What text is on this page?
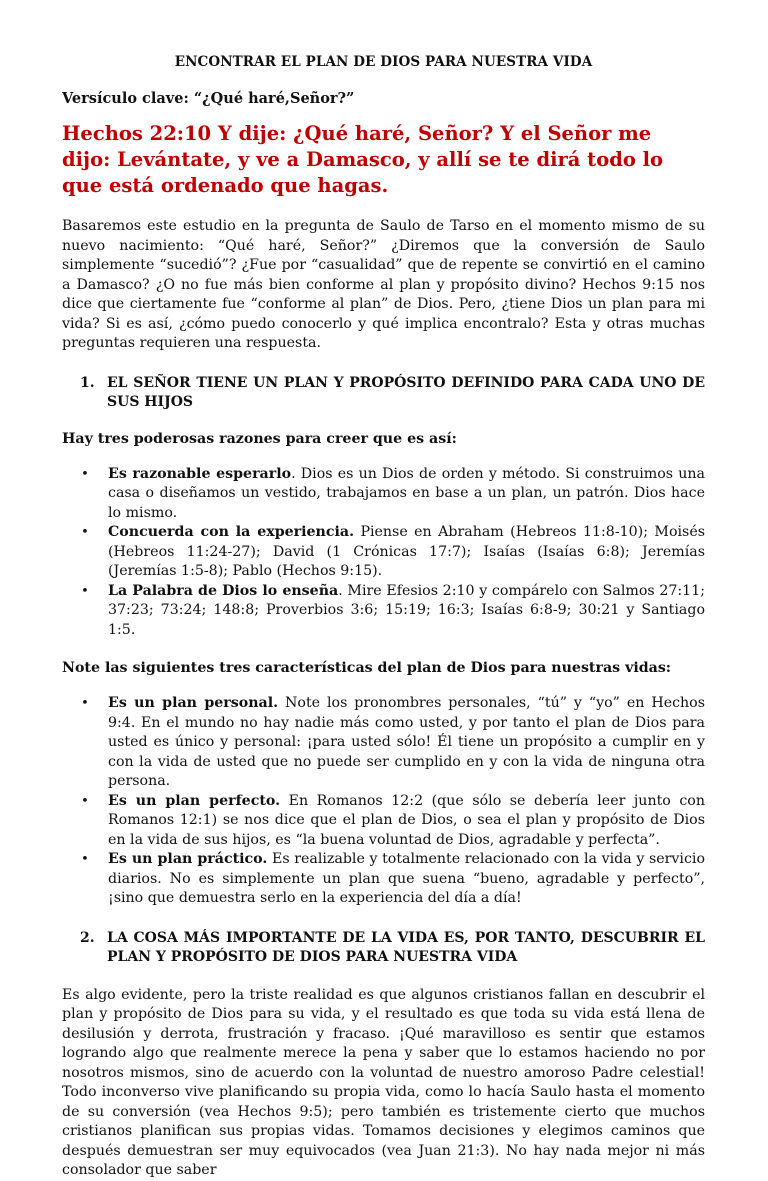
ENCONTRAR EL PLAN DE DIOS PARA NUESTRA VIDA
Versículo clave: “¿Qué haré,Señor?”
Hechos 22:10 Y dije: ¿Qué haré, Señor? Y el Señor me dijo: Levántate, y ve a Damasco, y allí se te dirá todo lo que está ordenado que hagas.
Basaremos este estudio en la pregunta de Saulo de Tarso en el momento mismo de su nuevo nacimiento: “Qué haré, Señor?” ¿Diremos que la conversión de Saulo simplemente “sucedió”? ¿Fue por “casualidad” que de repente se convirtió en el camino a Damasco? ¿O no fue más bien conforme al plan y propósito divino? Hechos 9:15 nos dice que ciertamente fue “conforme al plan” de Dios. Pero, ¿tiene Dios un plan para mi vida? Si es así, ¿cómo puedo conocerlo y qué implica encontralo? Esta y otras muchas preguntas requieren una respuesta.
1. EL SEÑOR TIENE UN PLAN Y PROPÓSITO DEFINIDO PARA CADA UNO DE SUS HIJOS
Hay tres poderosas razones para creer que es así:
•	Es razonable esperarlo. Dios es un Dios de orden y método. Si construimos una casa o diseñamos un vestido, trabajamos en base a un plan, un patrón. Dios hace lo mismo.
•	Concuerda con la experiencia. Piense en Abraham (Hebreos 11:8-10); Moisés (Hebreos 11:24-27); David (1 Crónicas 17:7); Isaías (Isaías 6:8); Jeremías (Jeremías 1:5-8); Pablo (Hechos 9:15).
•	La Palabra de Dios lo enseña. Mire Efesios 2:10 y compárelo con Salmos 27:11; 37:23; 73:24; 148:8; Proverbios 3:6; 15:19; 16:3; Isaías 6:8-9; 30:21 y Santiago 1:5.
Note las siguientes tres características del plan de Dios para nuestras vidas:
•	Es un plan personal. Note los pronombres personales, “tú” y “yo” en Hechos 9:4. En el mundo no hay nadie más como usted, y por tanto el plan de Dios para usted es único y personal: ¡para usted sólo! Él tiene un propósito a cumplir en y con la vida de usted que no puede ser cumplido en y con la vida de ninguna otra persona.
•	Es un plan perfecto. En Romanos 12:2 (que sólo se debería leer junto con Romanos 12:1) se nos dice que el plan de Dios, o sea el plan y propósito de Dios en la vida de sus hijos, es “la buena voluntad de Dios, agradable y perfecta”.
•	Es un plan práctico. Es realizable y totalmente relacionado con la vida y servicio diarios. No es simplemente un plan que suena “bueno, agradable y perfecto”, ¡sino que demuestra serlo en la experiencia del día a día!
2. LA COSA MÁS IMPORTANTE DE LA VIDA ES, POR TANTO, DESCUBRIR EL PLAN Y PROPÓSITO DE DIOS PARA NUESTRA VIDA
Es algo evidente, pero la triste realidad es que algunos cristianos fallan en descubrir el plan y propósito de Dios para su vida, y el resultado es que toda su vida está llena de desilusión y derrota, frustración y fracaso. ¡Qué maravilloso es sentir que estamos logrando algo que realmente merece la pena y saber que lo estamos haciendo no por nosotros mismos, sino de acuerdo con la voluntad de nuestro amoroso Padre celestial! Todo inconverso vive planificando su propia vida, como lo hacía Saulo hasta el momento de su conversión (vea Hechos 9:5); pero también es tristemente cierto que muchos cristianos planifican sus propias vidas. Tomamos decisiones y elegimos caminos que después demuestran ser muy equivocados (vea Juan 21:3). No hay nada mejor ni más consolador que saber
